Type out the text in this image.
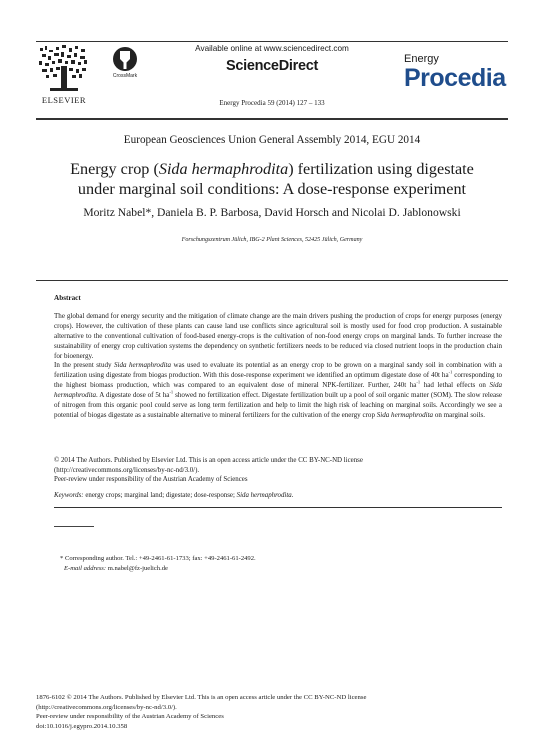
ELSEVIER
CrossMark
Available online at www.sciencedirect.com
ScienceDirect
Energy Procedia 59 (2014) 127 – 133
Energy
Procedia
European Geosciences Union General Assembly 2014, EGU 2014
Energy crop (Sida hermaphrodita) fertilization using digestate
under marginal soil conditions: A dose-response experiment
Moritz Nabel*, Daniela B. P. Barbosa, David Horsch and Nicolai D. Jablonowski
Forschungszentrum Jülich, IBG-2 Plant Sciences, 52425 Jülich, Germany
Abstract
The global demand for energy security and the mitigation of climate change are the main drivers pushing the production of crops for energy purposes (energy crops). However, the cultivation of these plants can cause land use conflicts since agricultural soil is mostly used for food crop production. A sustainable alternative to the conventional cultivation of food-based energy-crops is the cultivation of non-food energy crops on marginal lands. To further increase the sustainability of energy crop cultivation systems the dependency on synthetic fertilizers needs to be reduced via closed nutrient loops in the production chain for bioenergy.
In the present study Sida hermaphrodita was used to evaluate its potential as an energy crop to be grown on a marginal sandy soil in combination with a fertilization using digestate from biogas production. With this dose-response experiment we identified an optimum digestate dose of 40t $ha^{-1}$ corresponding to the highest biomass production, which was compared to an equivalent dose of mineral NPK-fertilizer. Further, 240t $ha^{-1}$ had lethal effects on Sida hermaphrodita. A digestate dose of 5t $ha^{-1}$ showed no fertilization effect. Digestate fertilization built up a pool of soil organic matter (SOM). The slow release of nitrogen from this organic pool could serve as long term fertilization and help to limit the high risk of leaching on marginal soils. Accordingly we see a potential of biogas digestate as a sustainable alternative to mineral fertilizers for the cultivation of the energy crop Sida hermaphrodita on marginal soils.
© 2014 The Authors. Published by Elsevier Ltd. This is an open access article under the CC BY-NC-ND license
(http://creativecommons.org/licenses/by-nc-nd/3.0/).
Peer-review under responsibility of the Austrian Academy of Sciences
Keywords: energy crops; marginal land; digestate; dose-response; Sida hermaphrodita.
* Corresponding author. Tel.: +49-2461-61-1733; fax: +49-2461-61-2492.
E-mail address: m.nabel@fz-juelich.de
1876-6102 © 2014 The Authors. Published by Elsevier Ltd. This is an open access article under the CC BY-NC-ND license
(http://creativecommons.org/licenses/by-nc-nd/3.0/).
Peer-review under responsibility of the Austrian Academy of Sciences
doi:10.1016/j.egypro.2014.10.358
